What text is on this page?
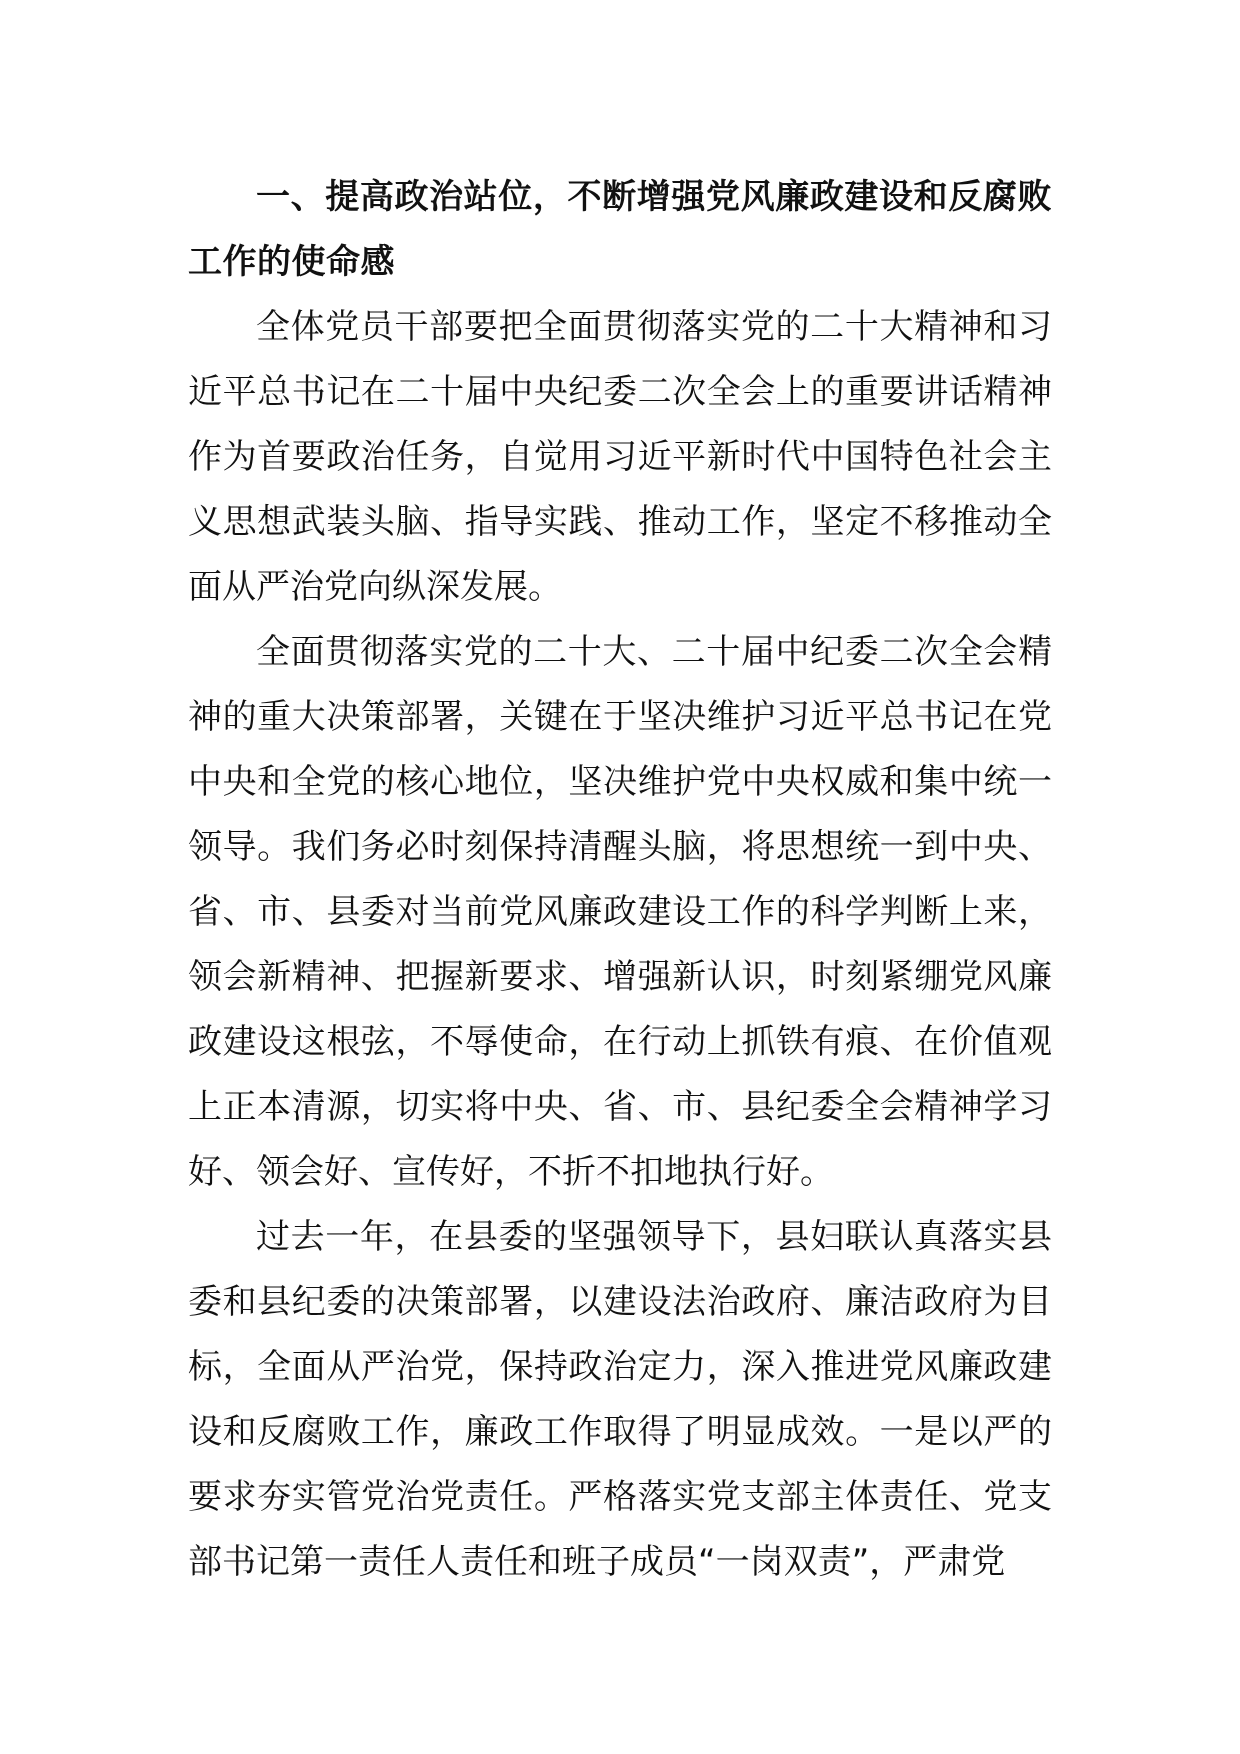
一、提高政治站位，不断增强党风廉政建设和反腐败工作的使命感

全体党员干部要把全面贯彻落实党的二十大精神和习近平总书记在二十届中央纪委二次全会上的重要讲话精神作为首要政治任务，自觉用习近平新时代中国特色社会主义思想武装头脑、指导实践、推动工作，坚定不移推动全面从严治党向纵深发展。

全面贯彻落实党的二十大、二十届中纪委二次全会精神的重大决策部署，关键在于坚决维护习近平总书记在党中央和全党的核心地位，坚决维护党中央权威和集中统一领导。我们务必时刻保持清醒头脑，将思想统一到中央、省、市、县委对当前党风廉政建设工作的科学判断上来，领会新精神、把握新要求、增强新认识，时刻紧绷党风廉政建设这根弦，不辱使命，在行动上抓铁有痕、在价值观上正本清源，切实将中央、省、市、县纪委全会精神学习好、领会好、宣传好，不折不扣地执行好。

过去一年，在县委的坚强领导下，县妇联认真落实县委和县纪委的决策部署，以建设法治政府、廉洁政府为目标，全面从严治党，保持政治定力，深入推进党风廉政建设和反腐败工作，廉政工作取得了明显成效。一是以严的要求夯实管党治党责任。严格落实党支部主体责任、党支部书记第一责任人责任和班子成员“一岗双责”，严肃党
